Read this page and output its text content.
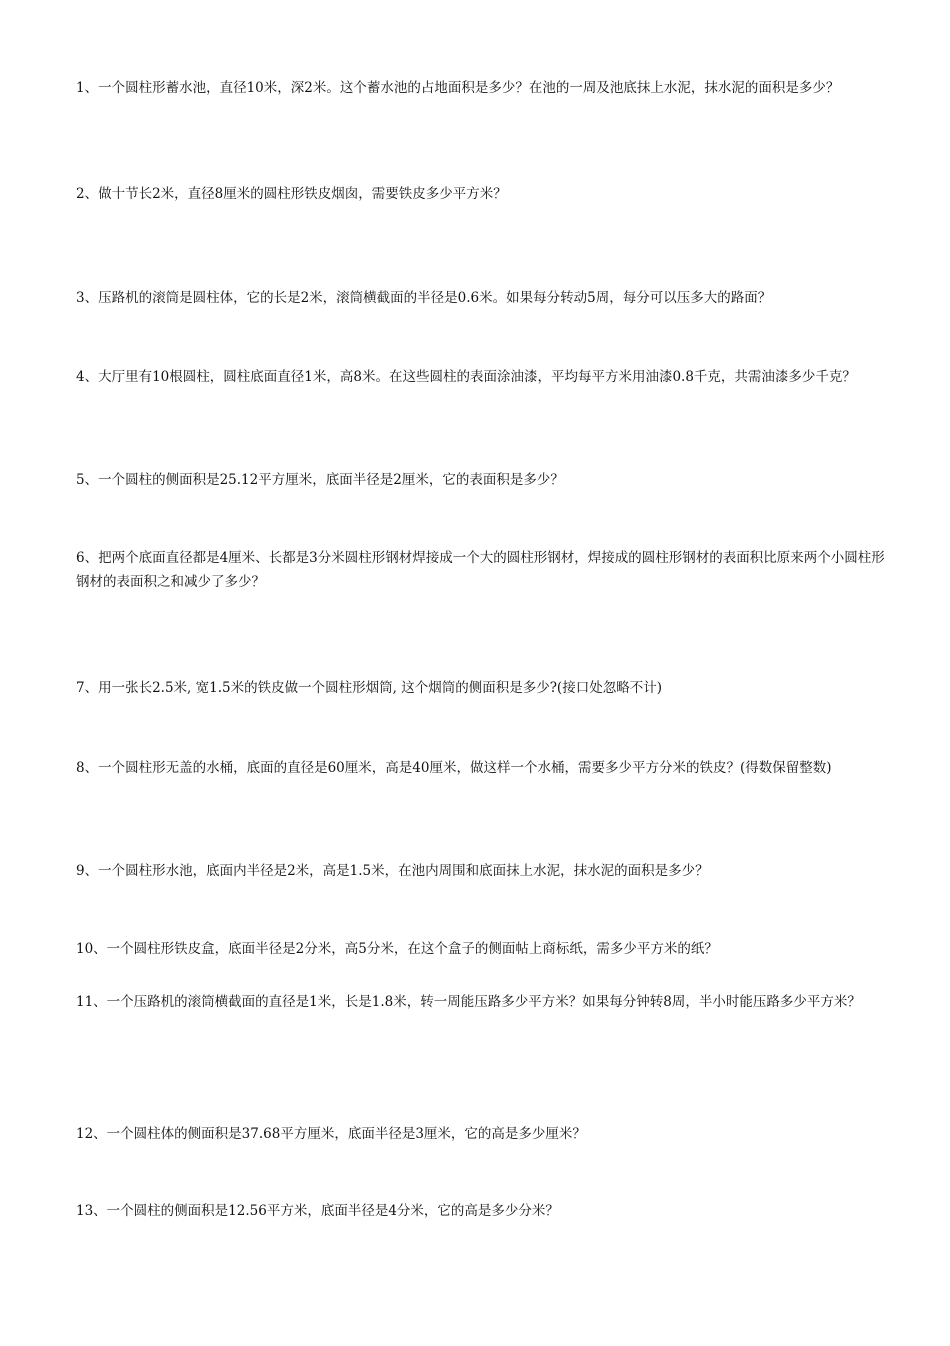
1、一个圆柱形蓄水池，直径10米，深2米。这个蓄水池的占地面积是多少？在池的一周及池底抹上水泥，抹水泥的面积是多少？

2、做十节长2米，直径8厘米的圆柱形铁皮烟囱，需要铁皮多少平方米？

3、压路机的滚筒是圆柱体，它的长是2米，滚筒横截面的半径是0.6米。如果每分转动5周，每分可以压多大的路面？

4、大厅里有10根圆柱，圆柱底面直径1米，高8米。在这些圆柱的表面涂油漆，平均每平方米用油漆0.8千克，共需油漆多少千克？

5、一个圆柱的侧面积是25.12平方厘米，底面半径是2厘米，它的表面积是多少？

6、把两个底面直径都是4厘米、长都是3分米圆柱形钢材焊接成一个大的圆柱形钢材，焊接成的圆柱形钢材的表面积比原来两个小圆柱形钢材的表面积之和减少了多少？

7、用一张长2.5米, 宽1.5米的铁皮做一个圆柱形烟筒, 这个烟筒的侧面积是多少?(接口处忽略不计)

8、一个圆柱形无盖的水桶，底面的直径是60厘米，高是40厘米，做这样一个水桶，需要多少平方分米的铁皮？(得数保留整数)

9、一个圆柱形水池，底面内半径是2米，高是1.5米，在池内周围和底面抹上水泥，抹水泥的面积是多少？

10、一个圆柱形铁皮盒，底面半径是2分米，高5分米，在这个盒子的侧面帖上商标纸，需多少平方米的纸？

11、一个压路机的滚筒横截面的直径是1米，长是1.8米，转一周能压路多少平方米？如果每分钟转8周，半小时能压路多少平方米？

12、一个圆柱体的侧面积是37.68平方厘米，底面半径是3厘米，它的高是多少厘米？

13、一个圆柱的侧面积是12.56平方米，底面半径是4分米，它的高是多少分米？
